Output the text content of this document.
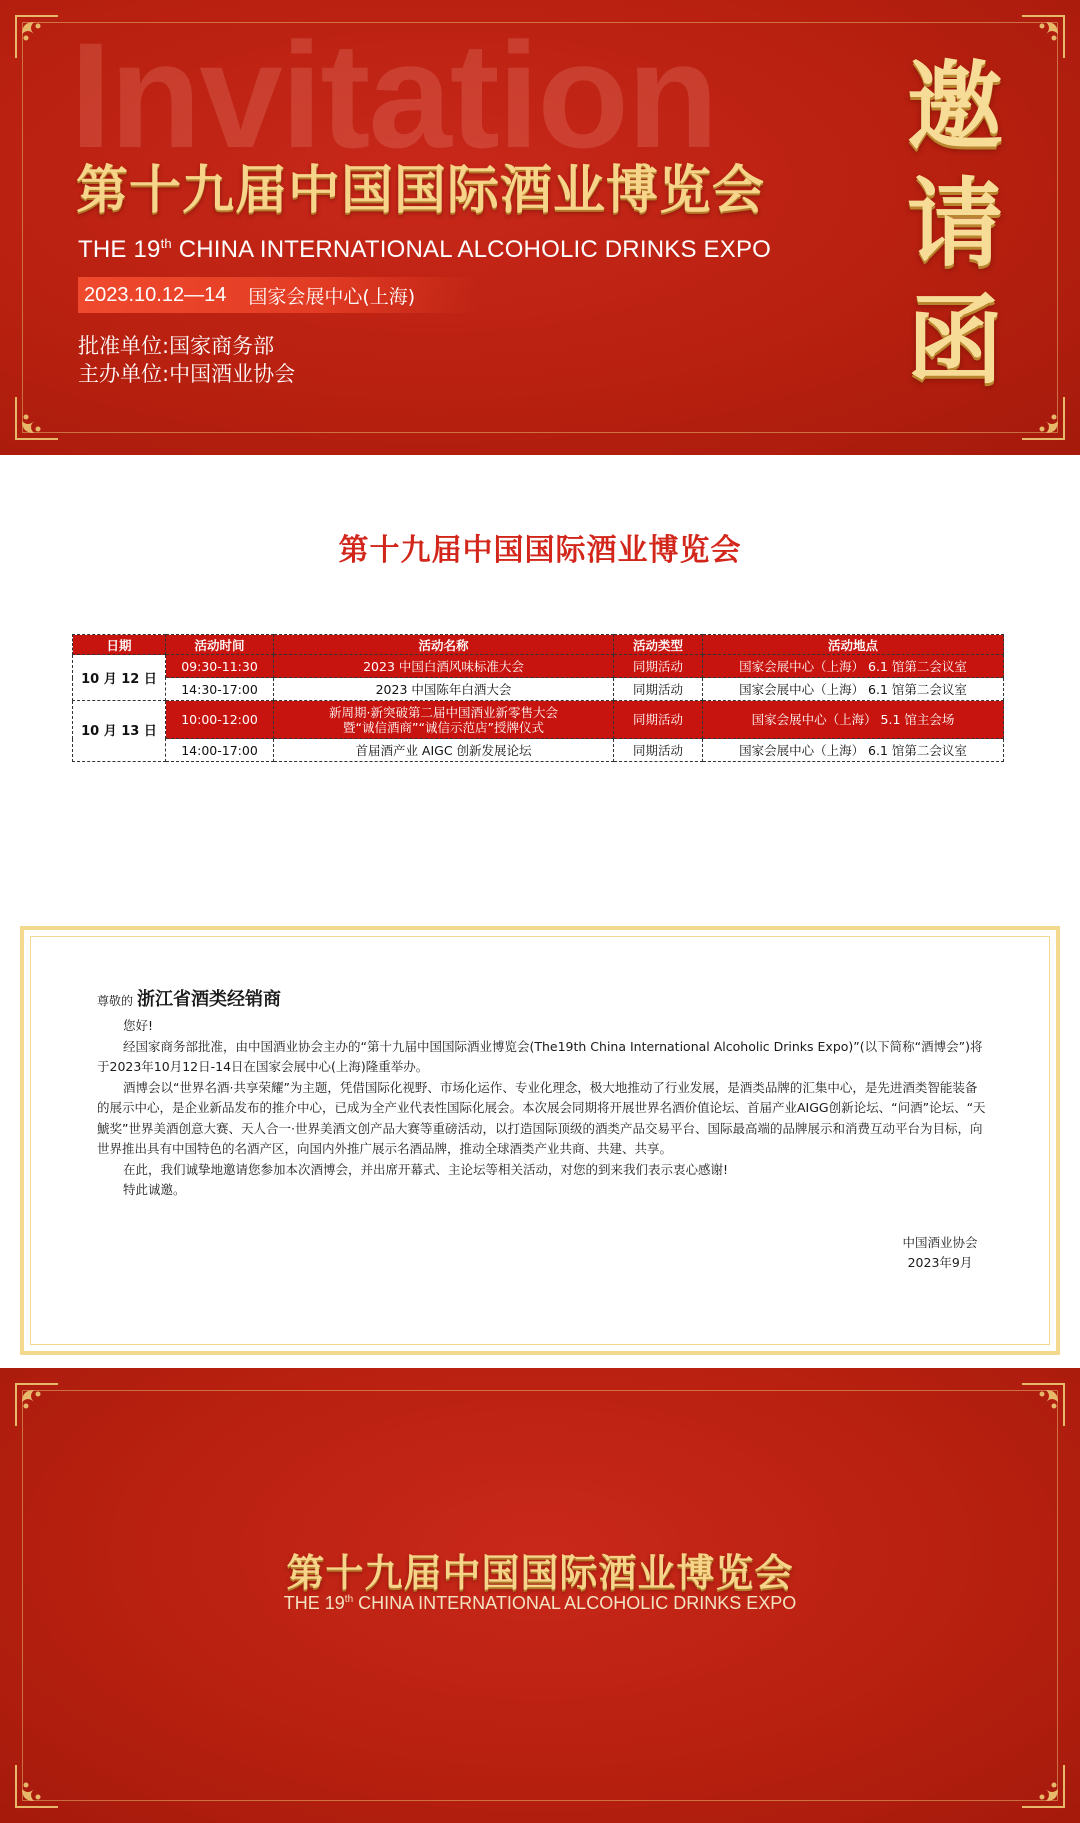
Invitation
第十九届中国国际酒业博览会
THE 19th CHINA INTERNATIONAL ALCOHOLIC DRINKS EXPO
2023.10.12—14 国家会展中心(上海)
批准单位:国家商务部
主办单位:中国酒业协会
邀
请
函
第十九届中国国际酒业博览会
日期	活动时间	活动名称	活动类型	活动地点
10 月 12 日	09:30-11:30	2023 中国白酒风味标准大会	同期活动	国家会展中心（上海） 6.1 馆第二会议室
	14:30-17:00	2023 中国陈年白酒大会	同期活动	国家会展中心（上海） 6.1 馆第二会议室
10 月 13 日	10:00-12:00	新周期·新突破第二届中国酒业新零售大会
暨“诚信酒商”“诚信示范店”授牌仪式	同期活动	国家会展中心（上海） 5.1 馆主会场
	14:00-17:00	首届酒产业 AIGC 创新发展论坛	同期活动	国家会展中心（上海） 6.1 馆第二会议室
尊敬的 浙江省酒类经销商

您好!

经国家商务部批准，由中国酒业协会主办的“第十九届中国国际酒业博览会(The19th China International Alcoholic Drinks Expo)”(以下简称“酒博会”)将于2023年10月12日-14日在国家会展中心(上海)隆重举办。

酒博会以“世界名酒·共享荣耀”为主题，凭借国际化视野、市场化运作、专业化理念，极大地推动了行业发展，是酒类品牌的汇集中心，是先进酒类智能装备的展示中心，是企业新品发布的推介中心，已成为全产业代表性国际化展会。本次展会同期将开展世界名酒价值论坛、首届产业AIGG创新论坛、“问酒”论坛、“天鯱奖”世界美酒创意大赛、天人合一·世界美酒文创产品大赛等重磅活动，以打造国际顶级的酒类产品交易平台、国际最高端的品牌展示和消费互动平台为目标，向世界推出具有中国特色的名酒产区，向国内外推广展示名酒品牌，推动全球酒类产业共商、共建、共享。

在此，我们诚挚地邀请您参加本次酒博会，并出席开幕式、主论坛等相关活动，对您的到来我们表示衷心感谢!

特此诚邀。

中国酒业协会
2023年9月
第十九届中国国际酒业博览会
THE 19th CHINA INTERNATIONAL ALCOHOLIC DRINKS EXPO
